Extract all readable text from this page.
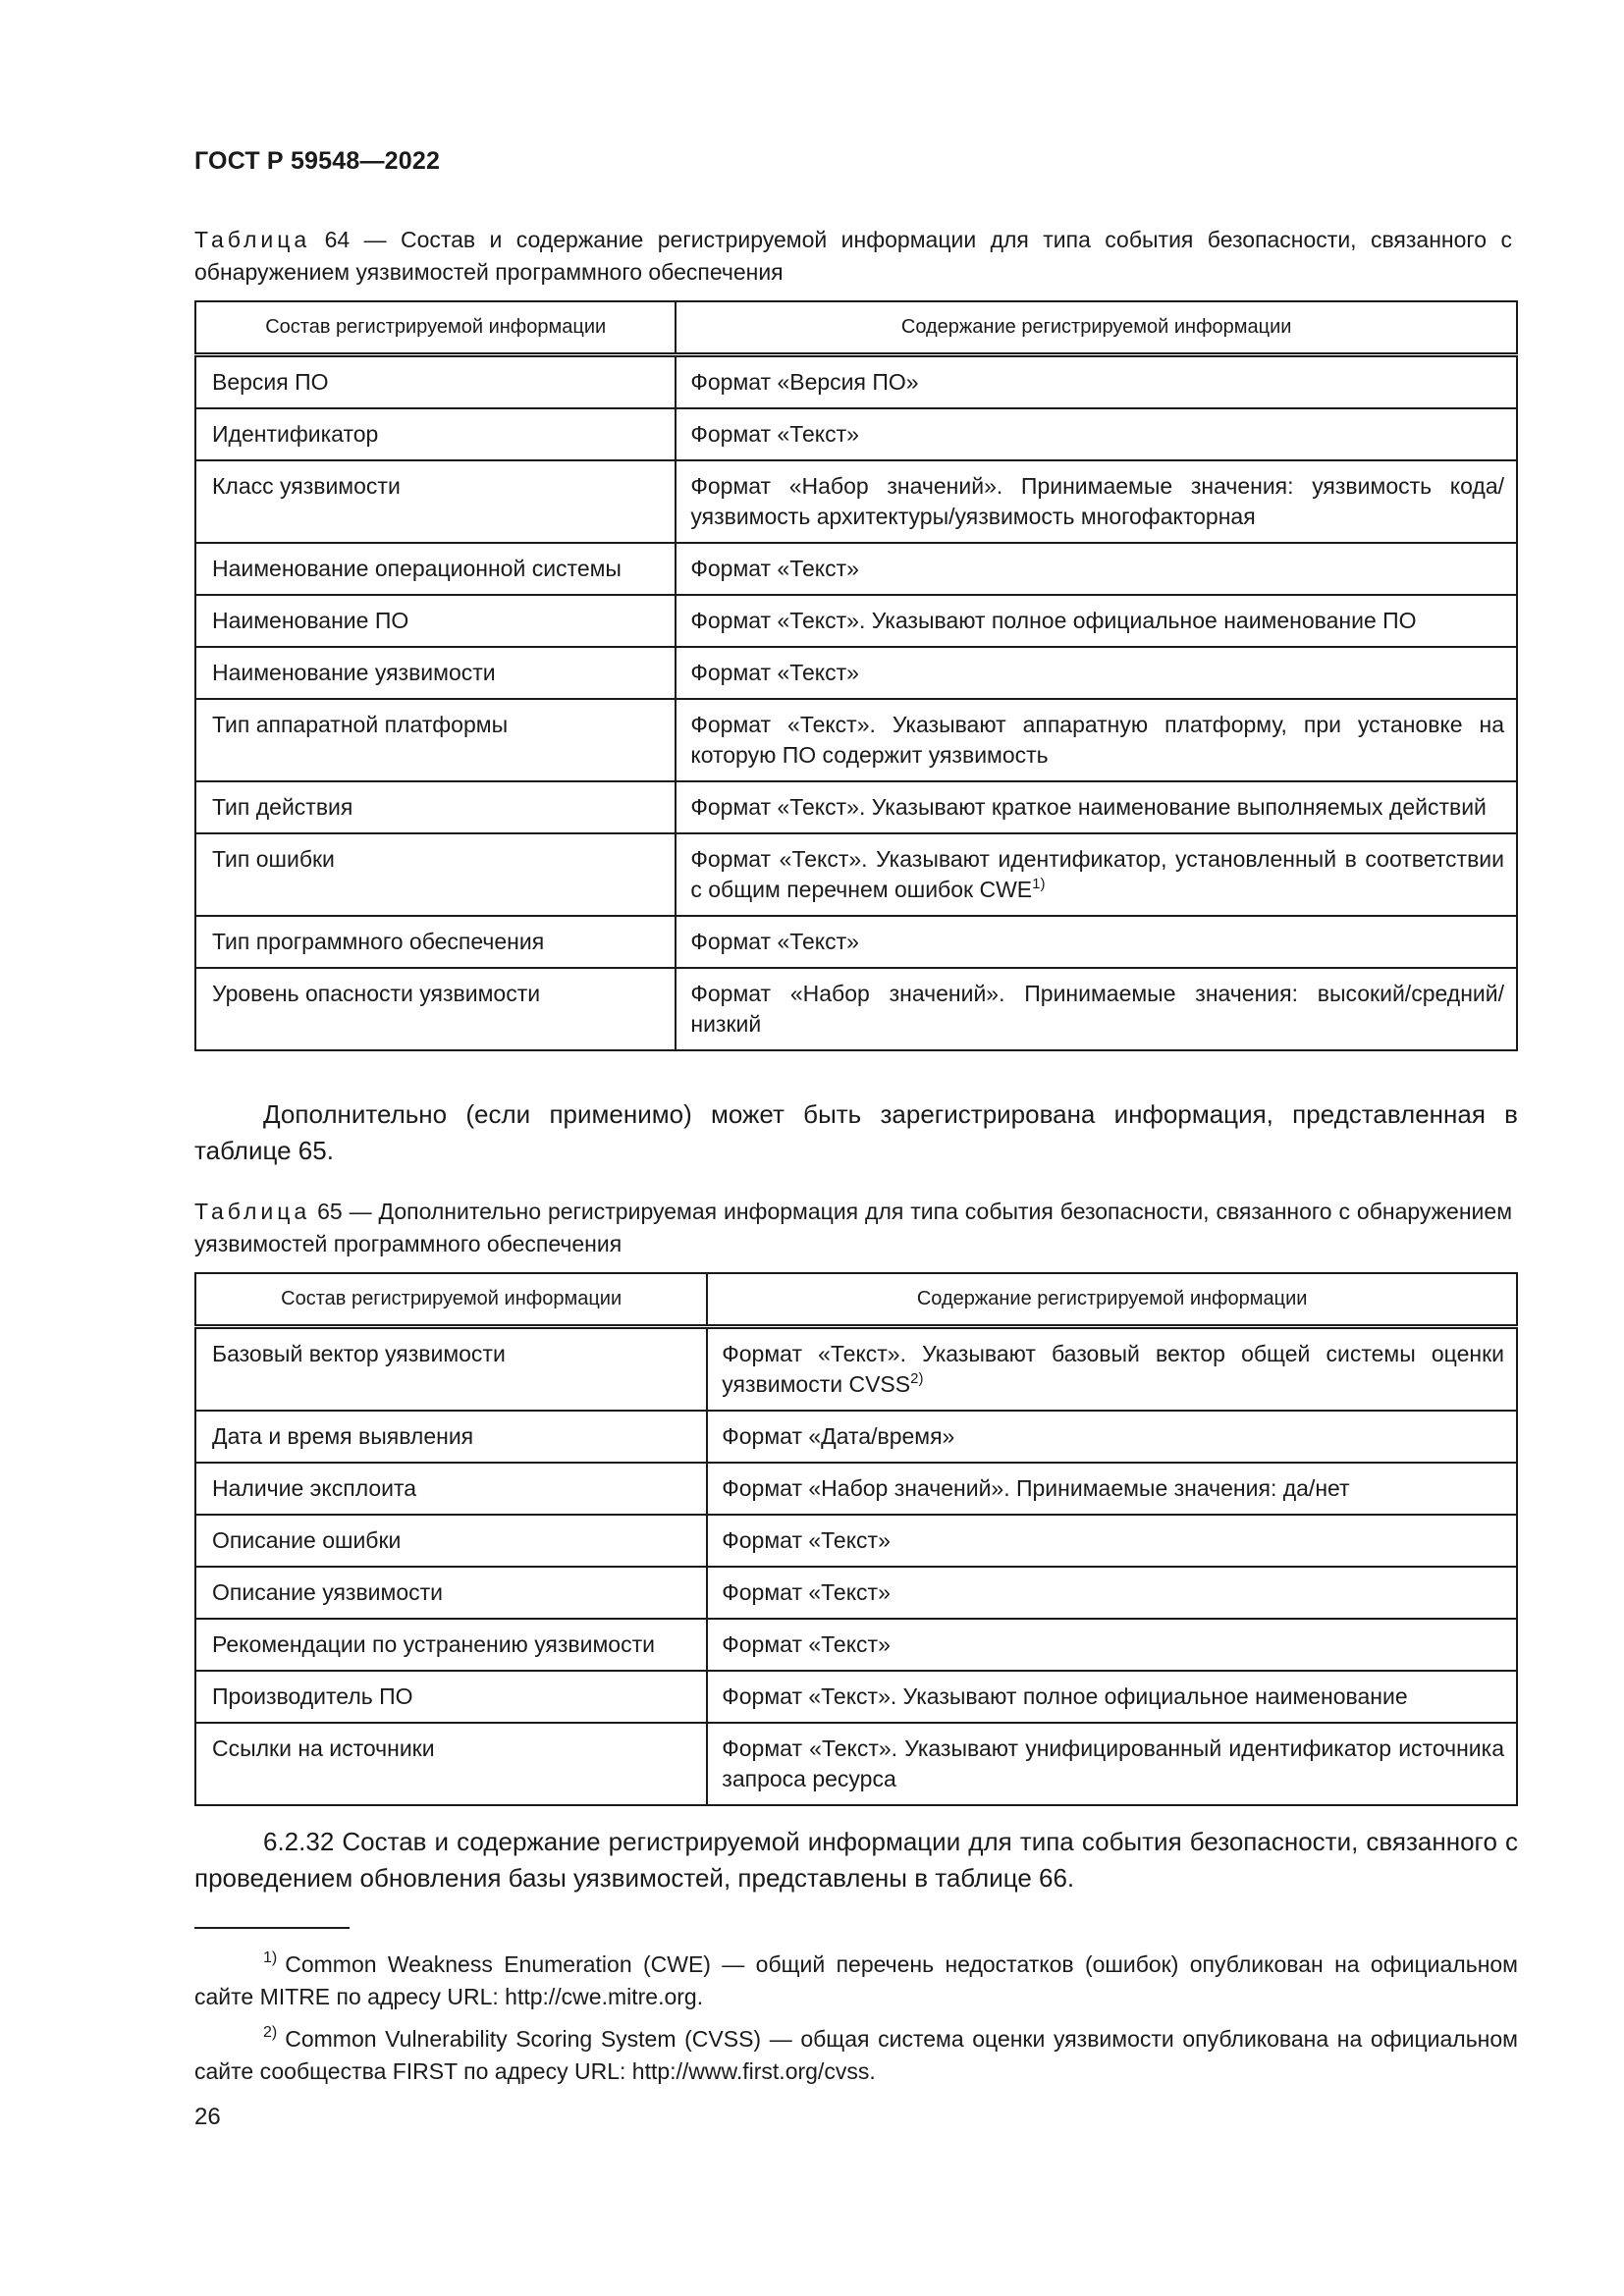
ГОСТ Р 59548—2022
Таблица 64 — Состав и содержание регистрируемой информации для типа события безопасности, связанного с обнаружением уязвимостей программного обеспечения
Состав регистрируемой информации	Содержание регистрируемой информации
Версия ПО	Формат «Версия ПО»
Идентификатор	Формат «Текст»
Класс уязвимости	Формат «Набор значений». Принимаемые значения: уязвимость кода/уязвимость архитектуры/уязвимость многофакторная
Наименование операционной системы	Формат «Текст»
Наименование ПО	Формат «Текст». Указывают полное официальное наименование ПО
Наименование уязвимости	Формат «Текст»
Тип аппаратной платформы	Формат «Текст». Указывают аппаратную платформу, при установке на которую ПО содержит уязвимость
Тип действия	Формат «Текст». Указывают краткое наименование выполняемых действий
Тип ошибки	Формат «Текст». Указывают идентификатор, установленный в соответствии с общим перечнем ошибок CWE$^{1)}$
Тип программного обеспечения	Формат «Текст»
Уровень опасности уязвимости	Формат «Набор значений». Принимаемые значения: высокий/средний/низкий
Дополнительно (если применимо) может быть зарегистрирована информация, представленная в таблице 65.
Таблица 65 — Дополнительно регистрируемая информация для типа события безопасности, связанного с обнаружением уязвимостей программного обеспечения
Состав регистрируемой информации	Содержание регистрируемой информации
Базовый вектор уязвимости	Формат «Текст». Указывают базовый вектор общей системы оценки уязвимости CVSS$^{2)}$
Дата и время выявления	Формат «Дата/время»
Наличие эксплоита	Формат «Набор значений». Принимаемые значения: да/нет
Описание ошибки	Формат «Текст»
Описание уязвимости	Формат «Текст»
Рекомендации по устранению уязвимости	Формат «Текст»
Производитель ПО	Формат «Текст». Указывают полное официальное наименование
Ссылки на источники	Формат «Текст». Указывают унифицированный идентификатор источника запроса ресурса
6.2.32 Состав и содержание регистрируемой информации для типа события безопасности, связанного с проведением обновления базы уязвимостей, представлены в таблице 66.
$^{1)}$ Common Weakness Enumeration (CWE) — общий перечень недостатков (ошибок) опубликован на официальном сайте MITRE по адресу URL: http://cwe.mitre.org.
$^{2)}$ Common Vulnerability Scoring System (CVSS) — общая система оценки уязвимости опубликована на официальном сайте сообщества FIRST по адресу URL: http://www.first.org/cvss.
26
